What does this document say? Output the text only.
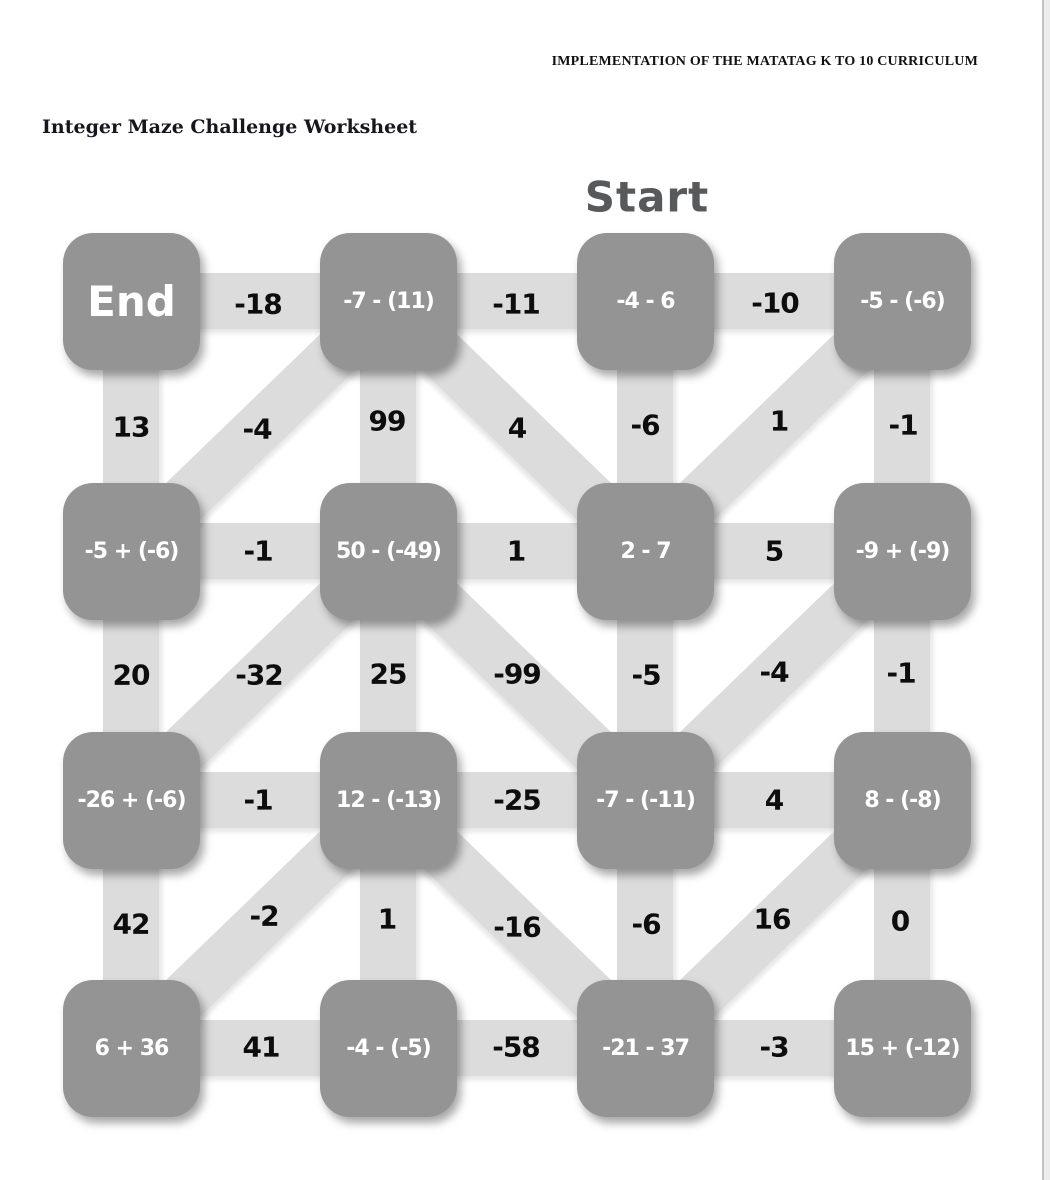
IMPLEMENTATION OF THE MATATAG K TO 10 CURRICULUM
Integer Maze Challenge Worksheet
Start
End	-7 - (11)	-4 - 6	-5 - (-6)
-5 + (-6)	50 - (-49)	2 - 7	-9 + (-9)
-26 + (-6)	12 - (-13)	-7 - (-11)	8 - (-8)
6 + 36	-4 - (-5)	-21 - 37	15 + (-12)
-18	-11	-10
-1	1	5
-1	-25	4
41	-58	-3
13	99	-6	-1
20	25	-5	-1
42	1	-6	0
-4	4	1
-32	-99	-4
-2	-16	16
